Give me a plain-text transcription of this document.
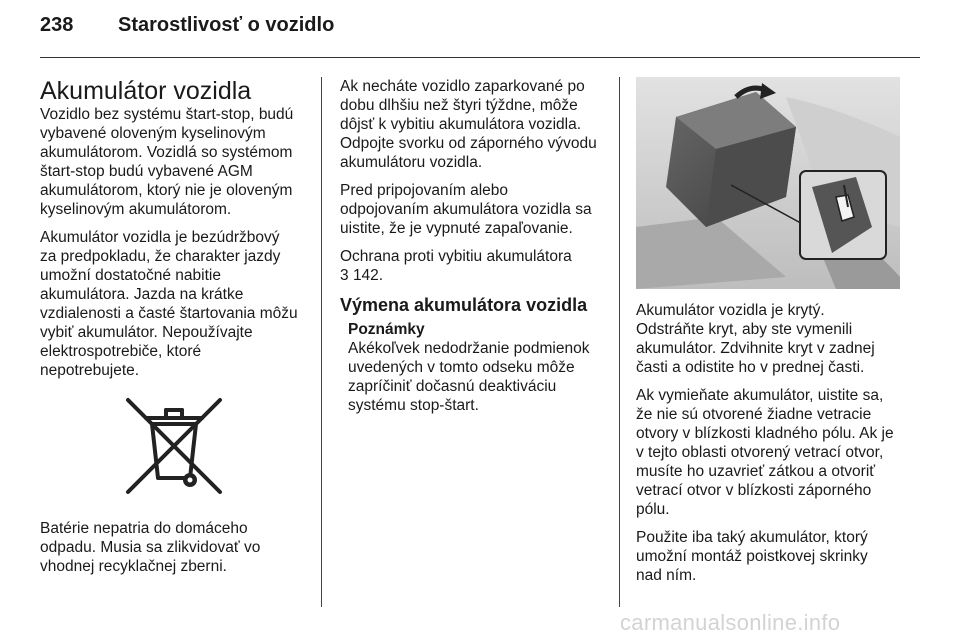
238 Starostlivosť o vozidlo
Akumulátor vozidla

Vozidlo bez systému štart-stop, budú
vybavené oloveným kyselinovým
akumulátorom. Vozidlá so systémom
štart-stop budú vybavené AGM
akumulátorom, ktorý nie je oloveným
kyselinovým akumulátorom.

Akumulátor vozidla je bezúdržbový
za predpokladu, že charakter jazdy
umožní dostatočné nabitie
akumulátora. Jazda na krátke
vzdialenosti a časté štartovania môžu
vybiť akumulátor. Nepoužívajte
elektrospotrebiče, ktoré
nepotrebujete.

Batérie nepatria do domáceho
odpadu. Musia sa zlikvidovať vo
vhodnej recyklačnej zberni.

Ak necháte vozidlo zaparkované po
dobu dlhšiu než štyri týždne, môže
dôjsť k vybitiu akumulátora vozidla.
Odpojte svorku od záporného vývodu
akumulátoru vozidla.

Pred pripojovaním alebo
odpojovaním akumulátora vozidla sa
uistite, že je vypnuté zapaľovanie.

Ochrana proti vybitiu akumulátora
3 142.

Výmena akumulátora vozidla
Poznámky

Akékoľvek nedodržanie podmienok
uvedených v tomto odseku môže
zapríčiniť dočasnú deaktiváciu
systému stop-štart.

Akumulátor vozidla je krytý.
Odstráňte kryt, aby ste vymenili
akumulátor. Zdvihnite kryt v zadnej
časti a odistite ho v prednej časti.

Ak vymieňate akumulátor, uistite sa,
že nie sú otvorené žiadne vetracie
otvory v blízkosti kladného pólu. Ak je
v tejto oblasti otvorený vetrací otvor,
musíte ho uzavrieť zátkou a otvoriť
vetrací otvor v blízkosti záporného
pólu.

Použite iba taký akumulátor, ktorý
umožní montáž poistkovej skrinky
nad ním.

carmanualsonline.info
